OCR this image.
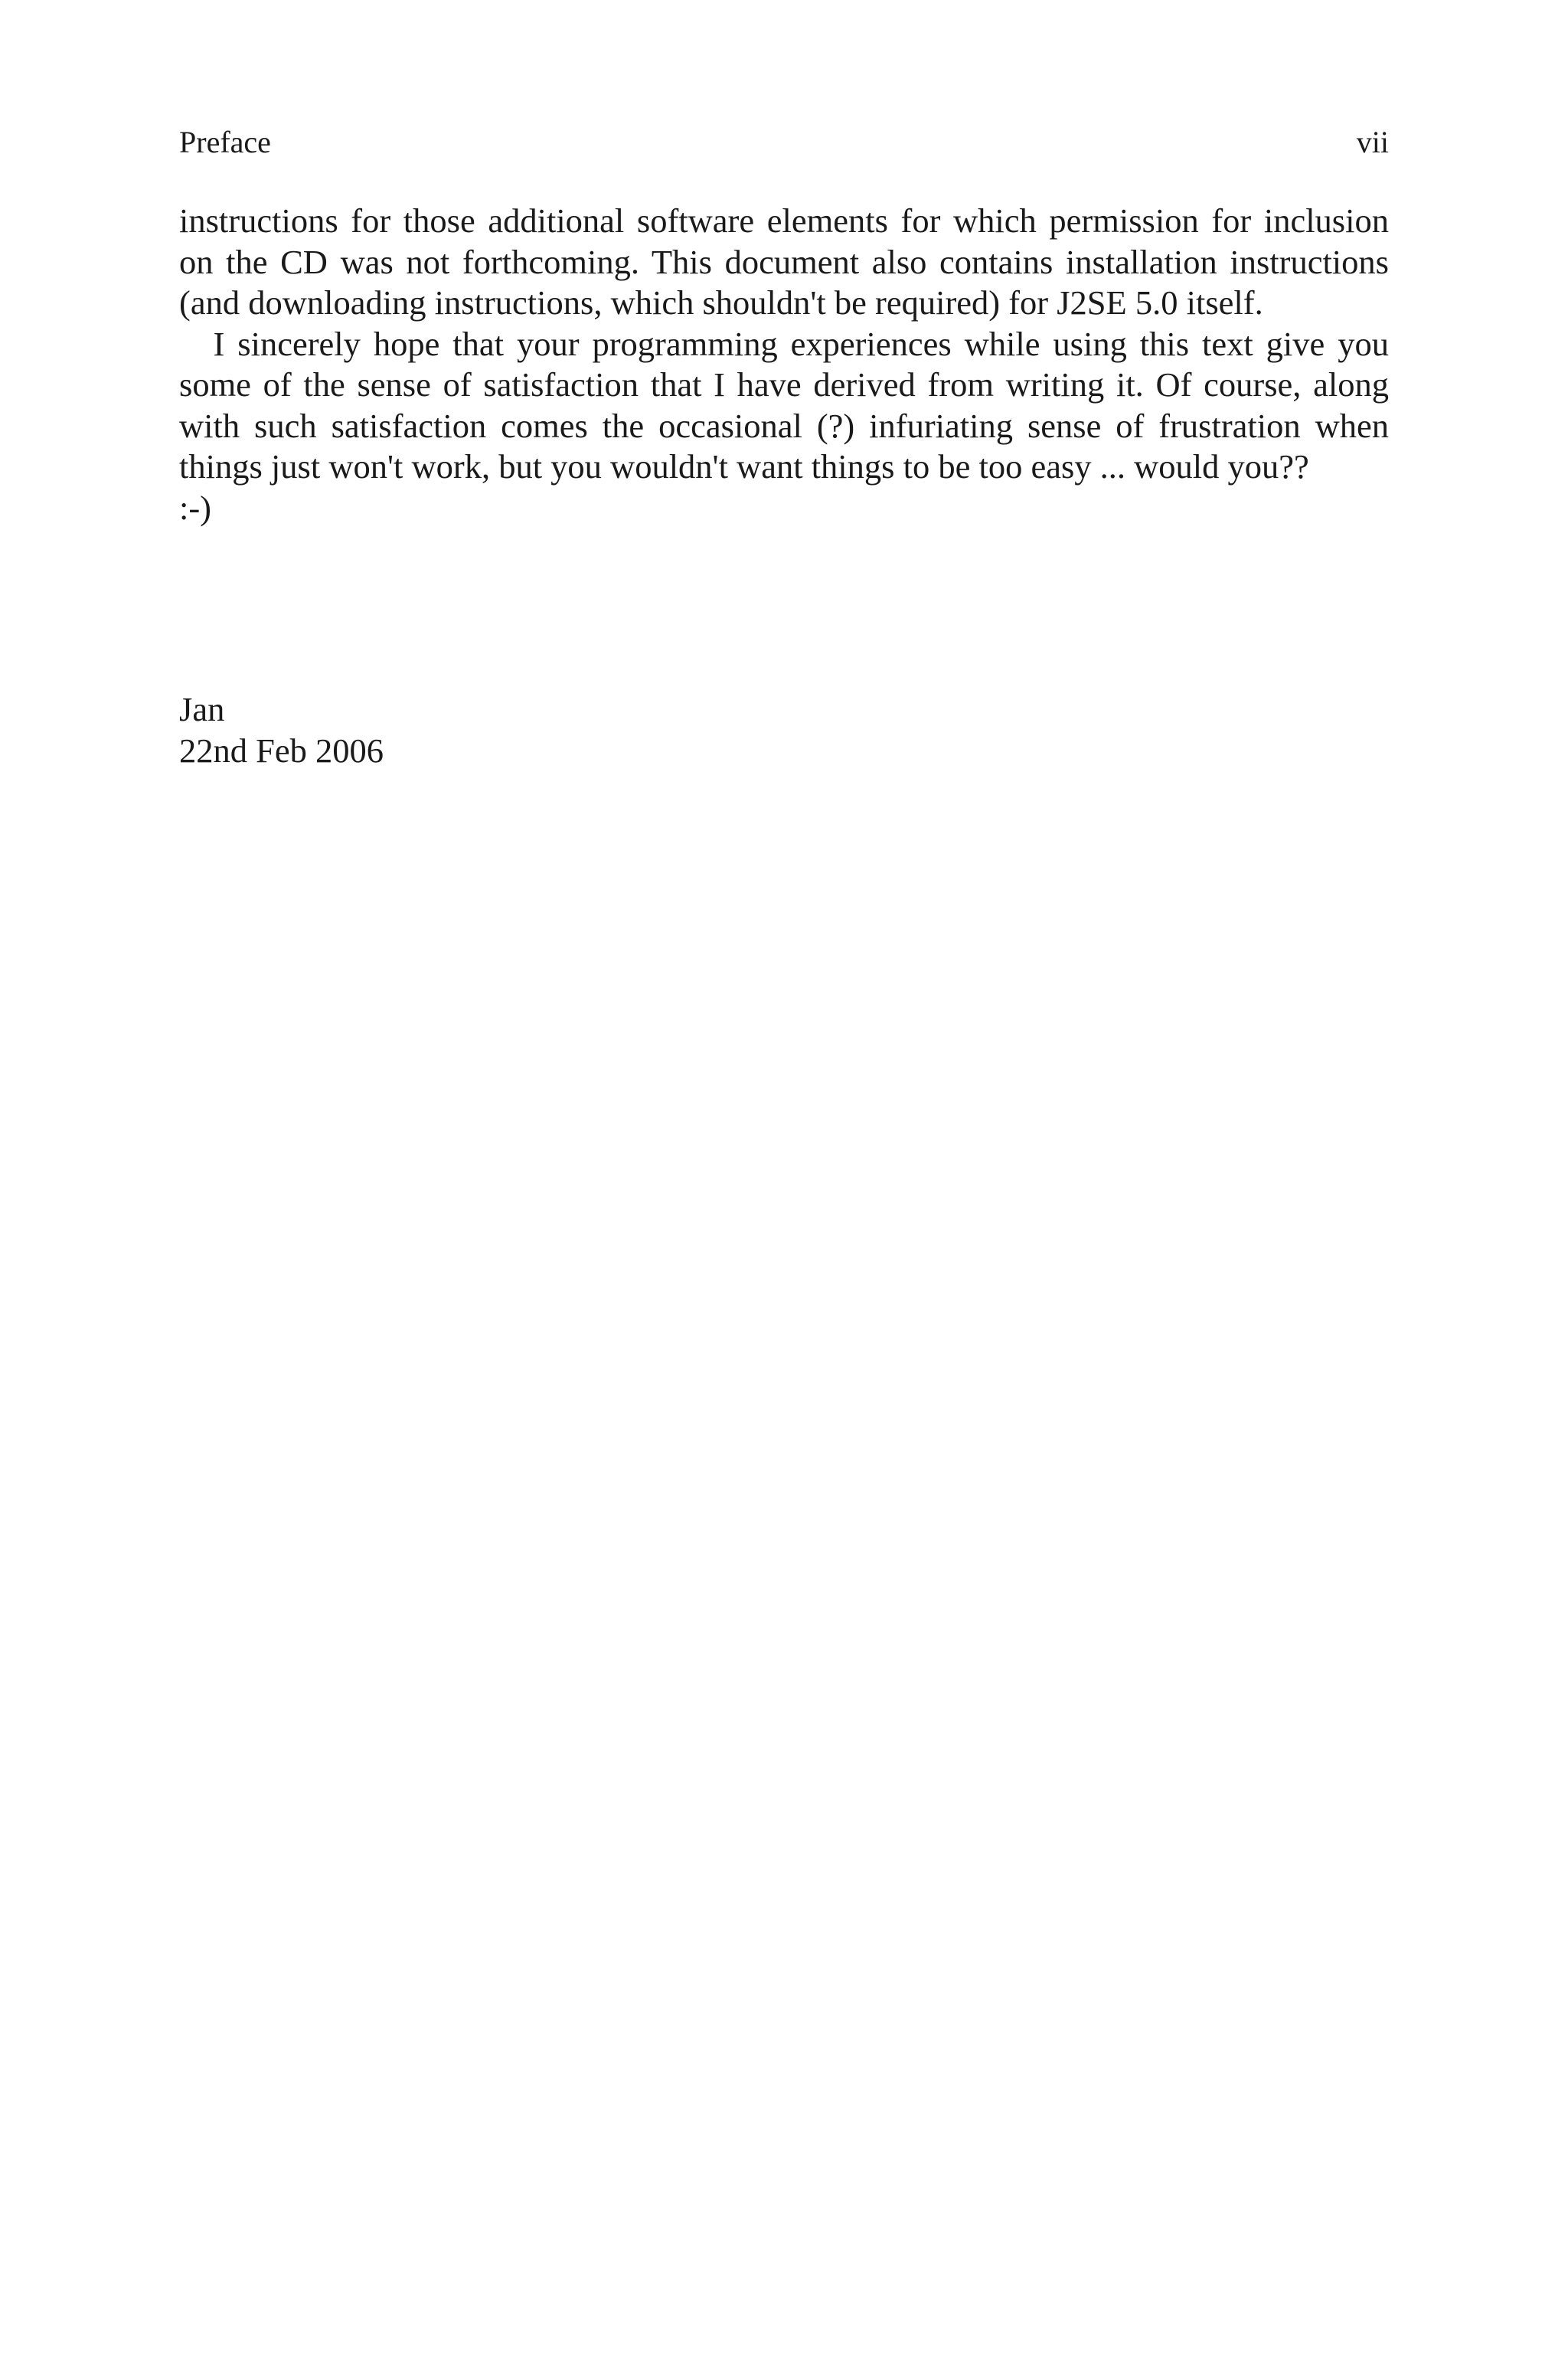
Preface	vii

instructions for those additional software elements for which permission for inclusion on the CD was not forthcoming. This document also contains installation instructions (and downloading instructions, which shouldn't be required) for J2SE 5.0 itself.

I sincerely hope that your programming experiences while using this text give you some of the sense of satisfaction that I have derived from writing it. Of course, along with such satisfaction comes the occasional (?) infuriating sense of frustration when things just won't work, but you wouldn't want things to be too easy ... would you??

:-)
Jan
22nd Feb 2006
